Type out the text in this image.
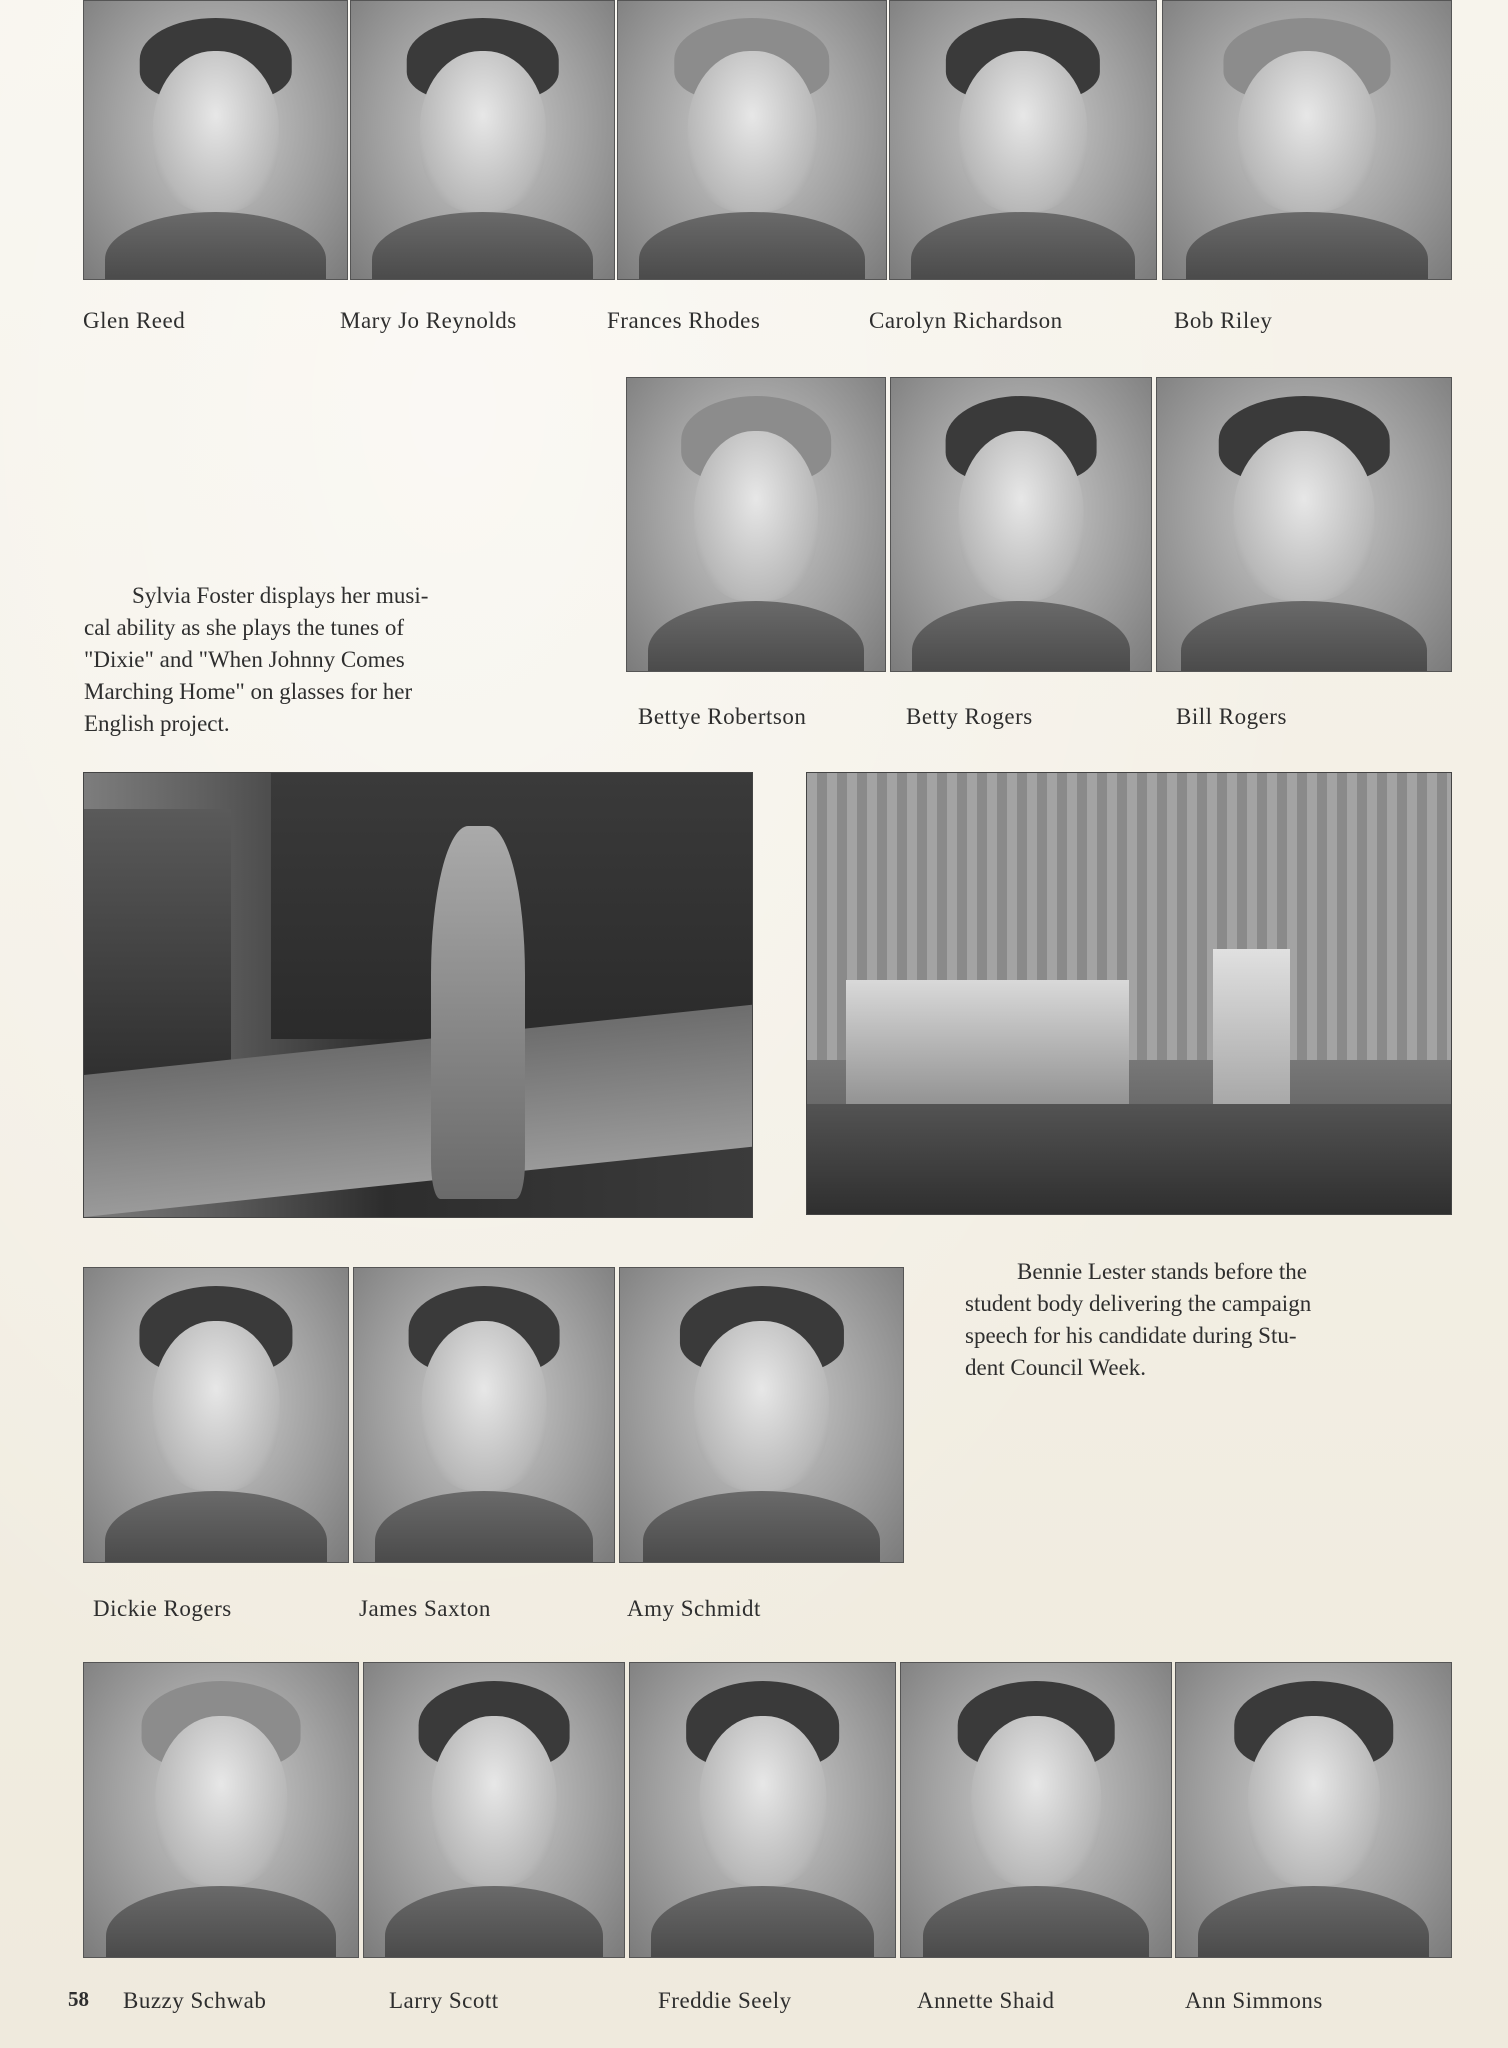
Glen Reed	Mary Jo Reynolds	Frances Rhodes	Carolyn Richardson	Bob Riley
Sylvia Foster displays her musi-
cal ability as she plays the tunes of
"Dixie" and "When Johnny Comes
Marching Home" on glasses for her
English project.	Bettye Robertson	Betty Rogers	Bill Rogers
Bennie Lester stands before the
student body delivering the campaign
speech for his candidate during Stu-
dent Council Week.
Dickie Rogers	James Saxton	Amy Schmidt
Buzzy Schwab	Larry Scott	Freddie Seely	Annette Shaid	Ann Simmons
58
